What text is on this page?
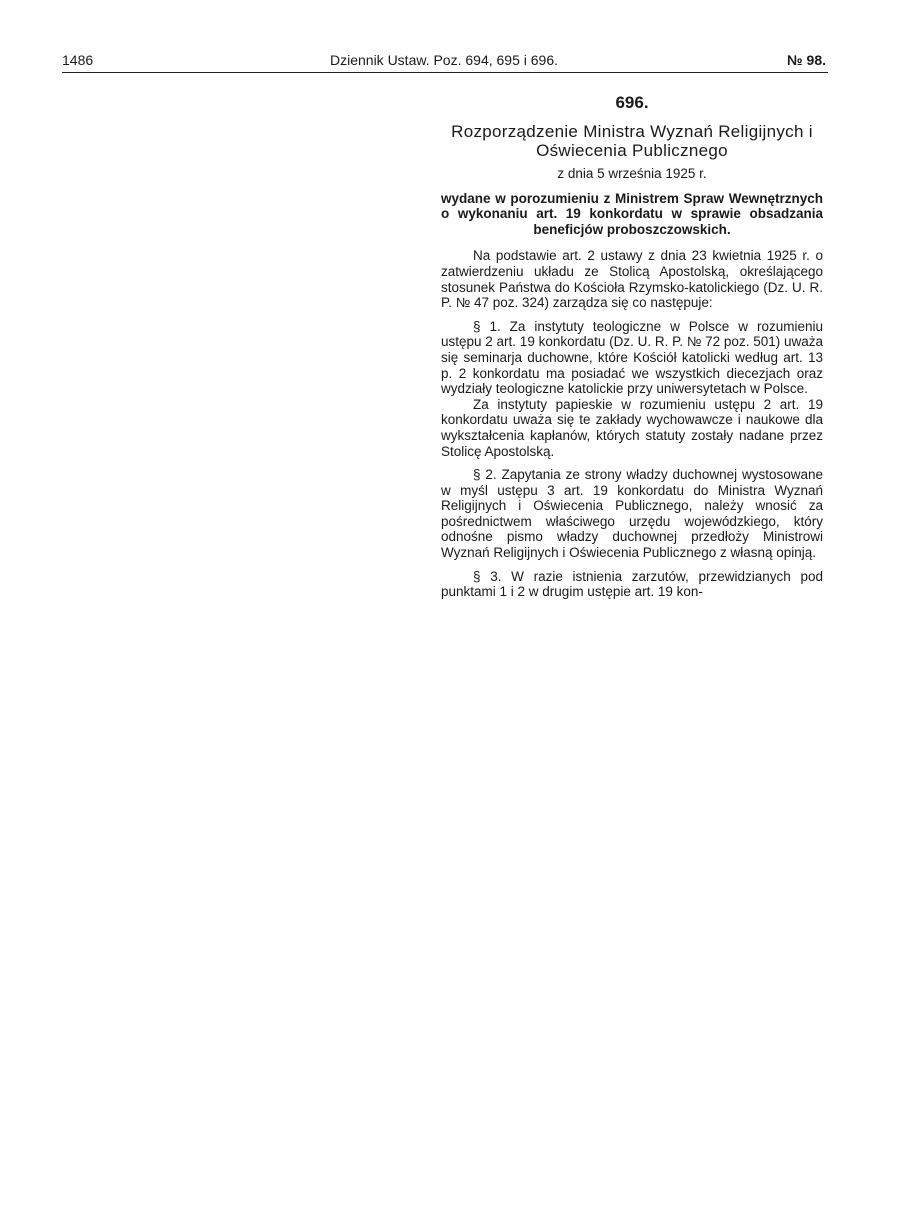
1486	Dziennik Ustaw. Poz. 694, 695 i 696.	№ 98.
696.
Rozporządzenie Ministra Wyznań Religijnych i Oświecenia Publicznego
z dnia 5 września 1925 r.
wydane w porozumieniu z Ministrem Spraw Wewnętrznych o wykonaniu art. 19 konkordatu w sprawie obsadzania beneficjów proboszczowskich.
Na podstawie art. 2 ustawy z dnia 23 kwietnia 1925 r. o zatwierdzeniu układu ze Stolicą Apostolską, określającego stosunek Państwa do Kościoła Rzymsko-katolickiego (Dz. U. R. P. № 47 poz. 324) zarządza się co następuje:
§ 1. Za instytuty teologiczne w Polsce w rozumieniu ustępu 2 art. 19 konkordatu (Dz. U. R. P. № 72 poz. 501) uważa się seminarja duchowne, które Kościół katolicki według art. 13 p. 2 konkordatu ma posiadać we wszystkich diecezjach oraz wydziały teologiczne katolickie przy uniwersytetach w Polsce.
Za instytuty papieskie w rozumieniu ustępu 2 art. 19 konkordatu uważa się te zakłady wychowawcze i naukowe dla wykształcenia kapłanów, których statuty zostały nadane przez Stolicę Apostolską.
§ 2. Zapytania ze strony władzy duchownej wystosowane w myśl ustępu 3 art. 19 konkordatu do Ministra Wyznań Religijnych i Oświecenia Publicznego, należy wnosić za pośrednictwem właściwego urzędu wojewódzkiego, który odnośne pismo władzy duchownej przedłoży Ministrowi Wyznań Religijnych i Oświecenia Publicznego z własną opinją.
§ 3. W razie istnienia zarzutów, przewidzianych pod punktami 1 i 2 w drugim ustępie art. 19 kon-
